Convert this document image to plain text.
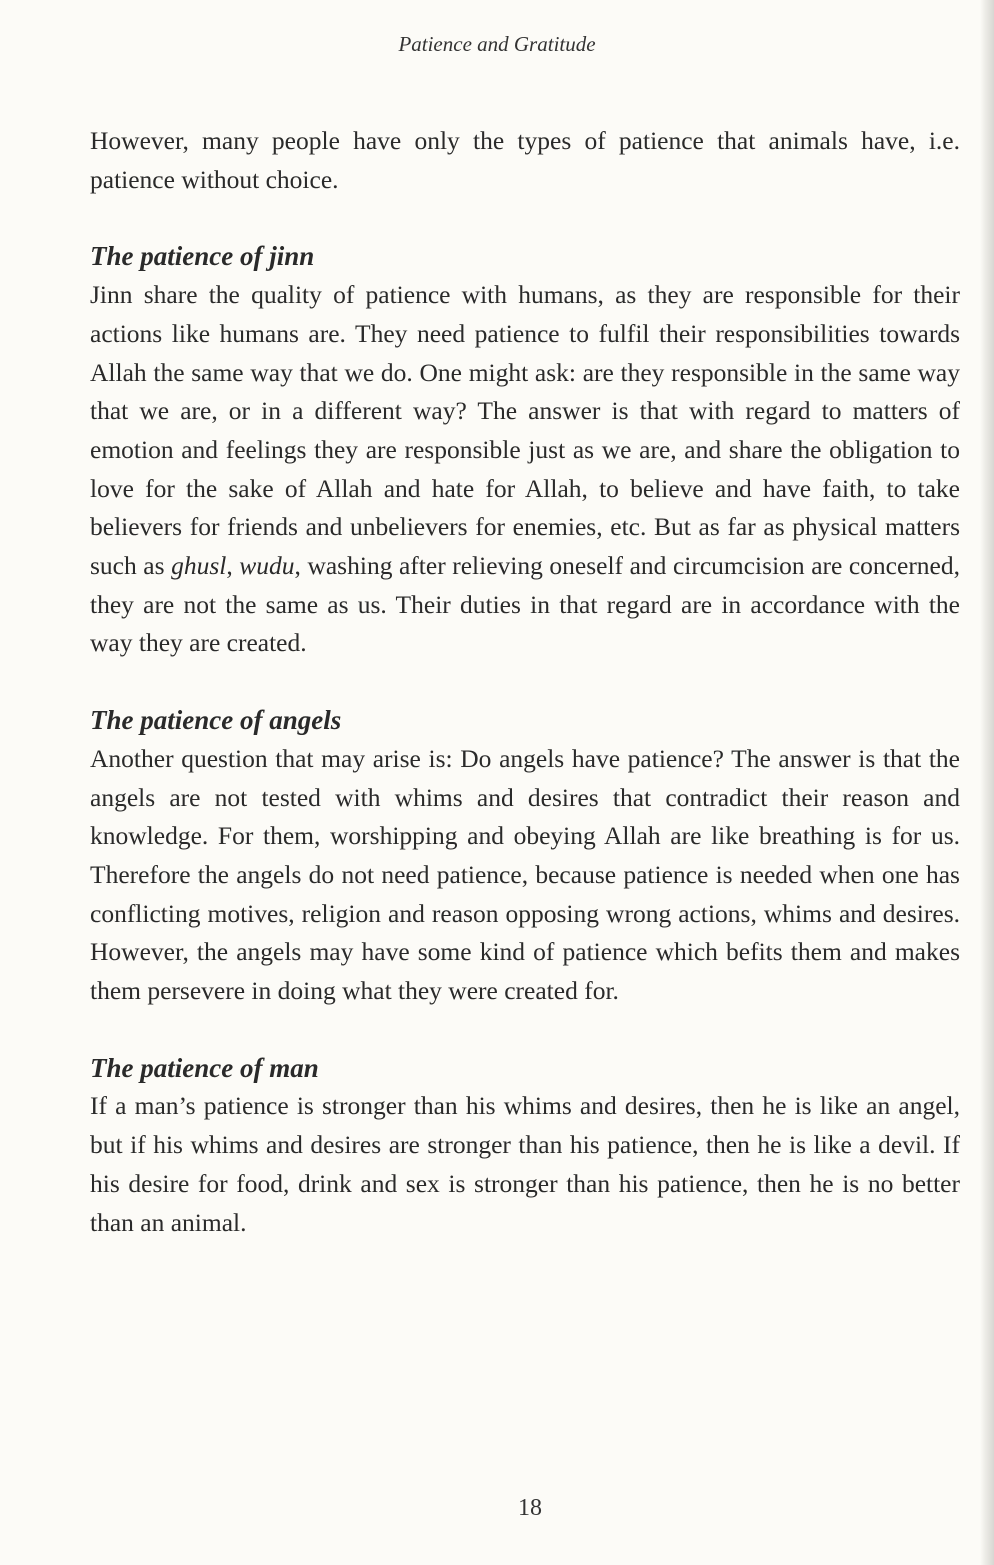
Patience and Gratitude

However, many people have only the types of patience that animals have, i.e. patience without choice.

The patience of jinn

Jinn share the quality of patience with humans, as they are responsible for their actions like humans are. They need patience to fulfil their responsibilities towards Allah the same way that we do. One might ask: are they responsible in the same way that we are, or in a different way? The answer is that with regard to matters of emotion and feelings they are responsible just as we are, and share the obligation to love for the sake of Allah and hate for Allah, to believe and have faith, to take believers for friends and unbelievers for enemies, etc. But as far as physical matters such as ghusl, wudu, washing after relieving oneself and circumcision are concerned, they are not the same as us. Their duties in that regard are in accordance with the way they are created.

The patience of angels

Another question that may arise is: Do angels have patience? The answer is that the angels are not tested with whims and desires that contradict their reason and knowledge. For them, worshipping and obeying Allah are like breathing is for us. Therefore the angels do not need patience, because patience is needed when one has conflicting motives, religion and reason opposing wrong actions, whims and desires. However, the angels may have some kind of patience which befits them and makes them persevere in doing what they were created for.

The patience of man

If a man’s patience is stronger than his whims and desires, then he is like an angel, but if his whims and desires are stronger than his patience, then he is like a devil. If his desire for food, drink and sex is stronger than his patience, then he is no better than an animal.

18
